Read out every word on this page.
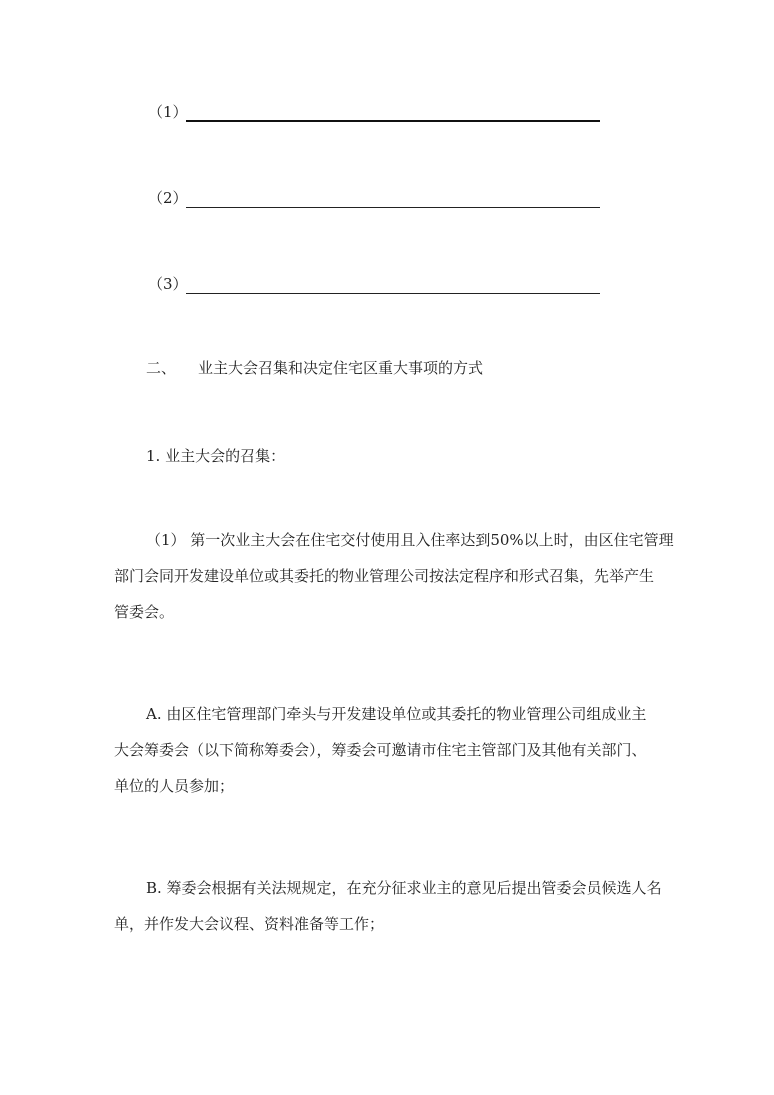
（1）
（2）
（3）
二、 业主大会召集和决定住宅区重大事项的方式
1. 业主大会的召集：
（1） 第一次业主大会在住宅交付使用且入住率达到50%以上时，由区住宅管理
部门会同开发建设单位或其委托的物业管理公司按法定程序和形式召集，先举产生
管委会。
A. 由区住宅管理部门牵头与开发建设单位或其委托的物业管理公司组成业主
大会筹委会（以下简称筹委会），筹委会可邀请市住宅主管部门及其他有关部门、
单位的人员参加；
B. 筹委会根据有关法规规定，在充分征求业主的意见后提出管委会员候选人名
单，并作发大会议程、资料准备等工作；
